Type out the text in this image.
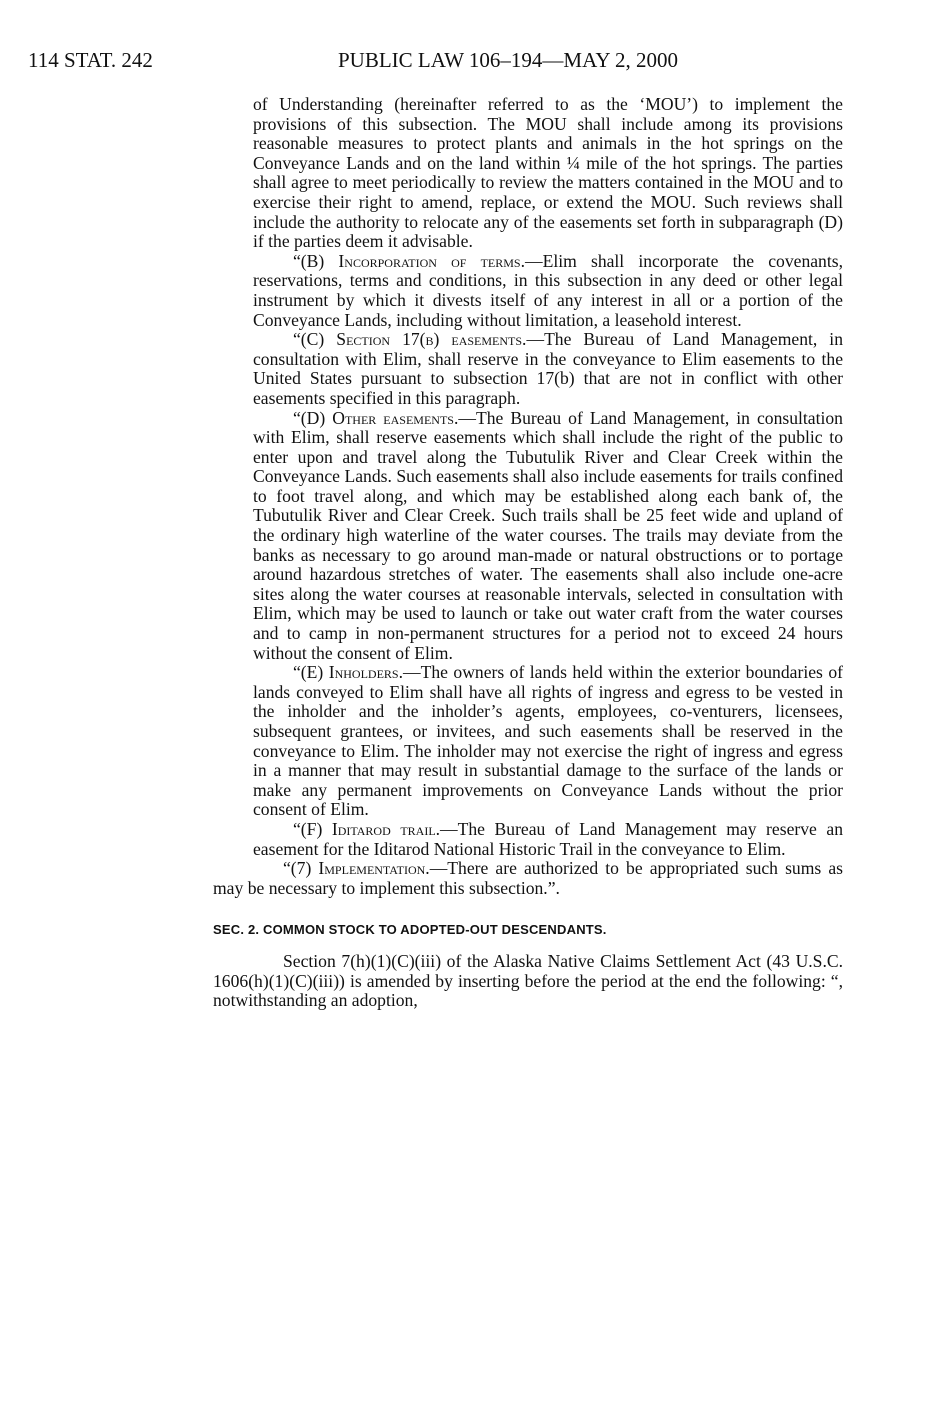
114 STAT. 242	PUBLIC LAW 106–194—MAY 2, 2000

of Understanding (hereinafter referred to as the ‘MOU’) to implement the provisions of this subsection. The MOU shall include among its provisions reasonable measures to protect plants and animals in the hot springs on the Conveyance Lands and on the land within ¼ mile of the hot springs. The parties shall agree to meet periodically to review the matters contained in the MOU and to exercise their right to amend, replace, or extend the MOU. Such reviews shall include the authority to relocate any of the easements set forth in subparagraph (D) if the parties deem it advisable.

“(B) Incorporation of terms.—Elim shall incorporate the covenants, reservations, terms and conditions, in this subsection in any deed or other legal instrument by which it divests itself of any interest in all or a portion of the Conveyance Lands, including without limitation, a leasehold interest.

“(C) Section 17(b) easements.—The Bureau of Land Management, in consultation with Elim, shall reserve in the conveyance to Elim easements to the United States pursuant to subsection 17(b) that are not in conflict with other easements specified in this paragraph.

“(D) Other easements.—The Bureau of Land Management, in consultation with Elim, shall reserve easements which shall include the right of the public to enter upon and travel along the Tubutulik River and Clear Creek within the Conveyance Lands. Such easements shall also include easements for trails confined to foot travel along, and which may be established along each bank of, the Tubutulik River and Clear Creek. Such trails shall be 25 feet wide and upland of the ordinary high waterline of the water courses. The trails may deviate from the banks as necessary to go around man-made or natural obstructions or to portage around hazardous stretches of water. The easements shall also include one-acre sites along the water courses at reasonable intervals, selected in consultation with Elim, which may be used to launch or take out water craft from the water courses and to camp in non-permanent structures for a period not to exceed 24 hours without the consent of Elim.

“(E) Inholders.—The owners of lands held within the exterior boundaries of lands conveyed to Elim shall have all rights of ingress and egress to be vested in the inholder and the inholder’s agents, employees, co-venturers, licensees, subsequent grantees, or invitees, and such easements shall be reserved in the conveyance to Elim. The inholder may not exercise the right of ingress and egress in a manner that may result in substantial damage to the surface of the lands or make any permanent improvements on Conveyance Lands without the prior consent of Elim.

“(F) Iditarod trail.—The Bureau of Land Management may reserve an easement for the Iditarod National Historic Trail in the conveyance to Elim.

“(7) Implementation.—There are authorized to be appropriated such sums as may be necessary to implement this subsection.”.

SEC. 2. COMMON STOCK TO ADOPTED-OUT DESCENDANTS.

Section 7(h)(1)(C)(iii) of the Alaska Native Claims Settlement Act (43 U.S.C. 1606(h)(1)(C)(iii)) is amended by inserting before the period at the end the following: “, notwithstanding an adoption,
